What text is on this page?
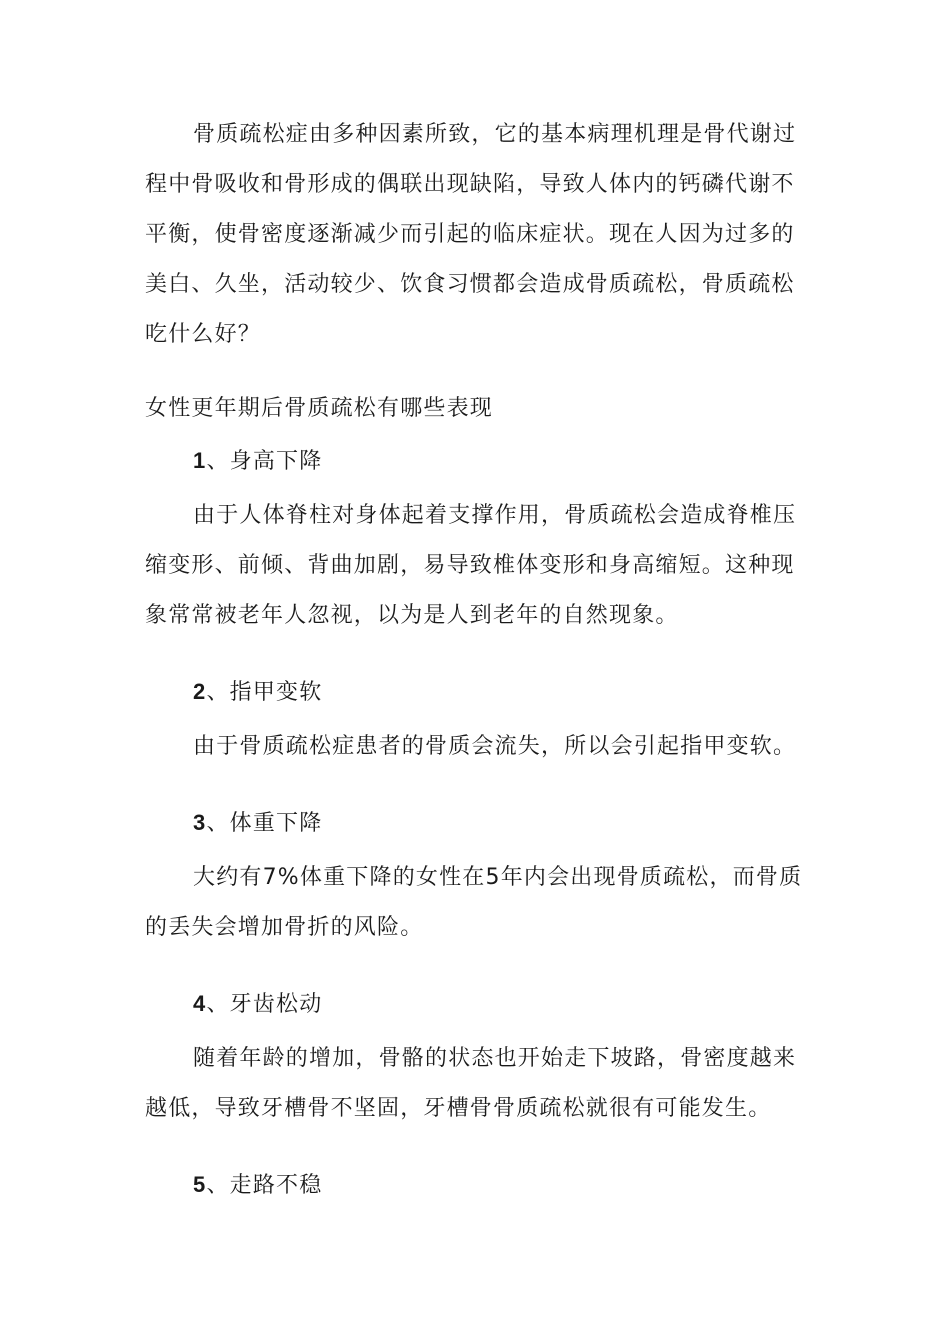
骨质疏松症由多种因素所致，它的基本病理机理是骨代谢过程中骨吸收和骨形成的偶联出现缺陷，导致人体内的钙磷代谢不平衡，使骨密度逐渐减少而引起的临床症状。现在人因为过多的美白、久坐，活动较少、饮食习惯都会造成骨质疏松，骨质疏松吃什么好？

女性更年期后骨质疏松有哪些表现

1、身高下降

由于人体脊柱对身体起着支撑作用，骨质疏松会造成脊椎压缩变形、前倾、背曲加剧，易导致椎体变形和身高缩短。这种现象常常被老年人忽视，以为是人到老年的自然现象。

2、指甲变软

由于骨质疏松症患者的骨质会流失，所以会引起指甲变软。

3、体重下降

大约有7%体重下降的女性在5年内会出现骨质疏松，而骨质的丢失会增加骨折的风险。

4、牙齿松动

随着年龄的增加，骨骼的状态也开始走下坡路，骨密度越来越低，导致牙槽骨不坚固，牙槽骨骨质疏松就很有可能发生。

5、走路不稳
